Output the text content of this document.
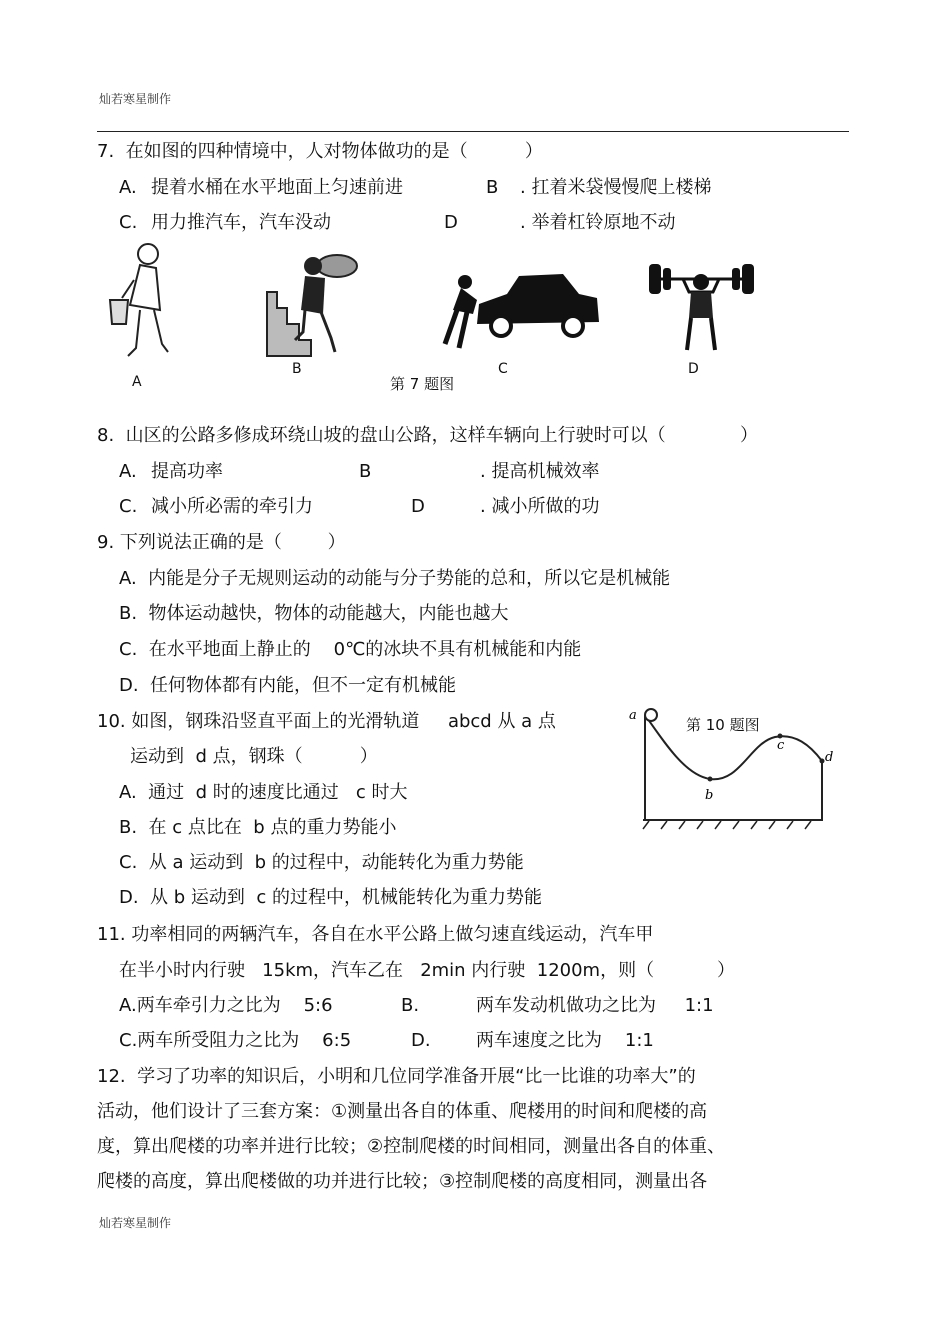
灿若寒星制作
7.  在如图的四种情境中，人对物体做功的是（          ）
A. 提着水桶在水平地面上匀速前进	B . 扛着米袋慢慢爬上楼梯
C. 用力推汽车，汽车没动	D	. 举着杠铃原地不动
A
B	C	D
第 7 题图
8.  山区的公路多修成环绕山坡的盘山公路，这样车辆向上行驶时可以（             ）
A. 提高功率	B	. 提高机械效率
C. 减小所必需的牵引力	D	. 减小所做的功
9. 下列说法正确的是（        ）
A.  内能是分子无规则运动的动能与分子势能的总和，所以它是机械能
B.  物体运动越快，物体的动能越大，内能也越大
C.  在水平地面上静止的    0℃的冰块不具有机械能和内能
D.  任何物体都有内能，但不一定有机械能
10. 如图，钢珠沿竖直平面上的光滑轨道     abcd 从 a 点
运动到  d 点，钢珠（          ）
A.  通过  d 时的速度比通过   c 时大
B.  在 c 点比在  b 点的重力势能小
C.  从 a 运动到  b 的过程中，动能转化为重力势能
D.  从 b 运动到  c 的过程中，机械能转化为重力势能
a
b
c
d
第 10 题图
11. 功率相同的两辆汽车，各自在水平公路上做匀速直线运动，汽车甲
在半小时内行驶   15km，汽车乙在   2min 内行驶  1200m，则（           ）
A.两车牵引力之比为    5:6	B.	两车发动机做功之比为     1:1
C.两车所受阻力之比为    6:5	D.	两车速度之比为    1:1
12.  学习了功率的知识后，小明和几位同学准备开展“比一比谁的功率大”的
活动，他们设计了三套方案：①测量出各自的体重、爬楼用的时间和爬楼的高
度，算出爬楼的功率并进行比较；②控制爬楼的时间相同，测量出各自的体重、
爬楼的高度，算出爬楼做的功并进行比较；③控制爬楼的高度相同，测量出各
灿若寒星制作
